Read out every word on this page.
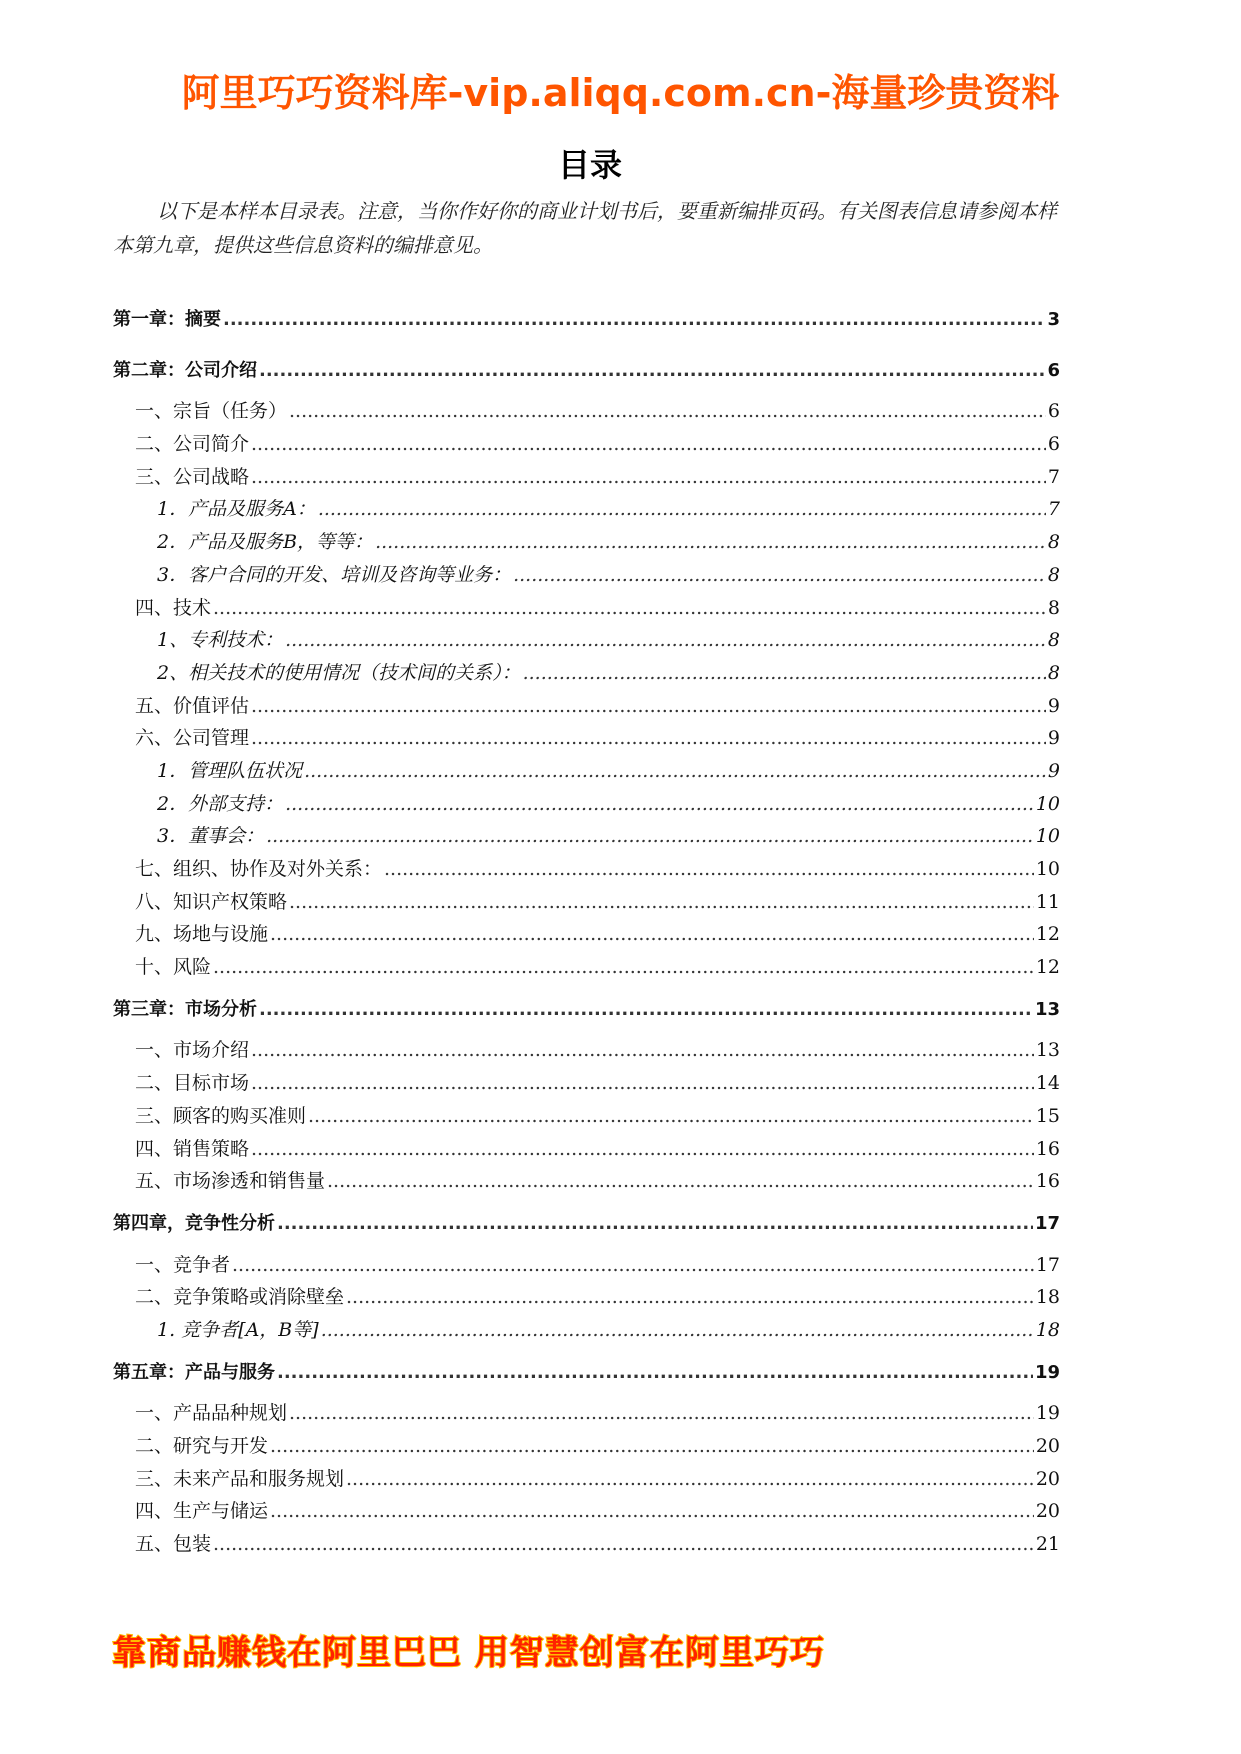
阿里巧巧资料库-vip.aliqq.com.cn-海量珍贵资料
目录
以下是本样本目录表。注意，当你作好你的商业计划书后，要重新编排页码。有关图表信息请参阅本样本第九章，提供这些信息资料的编排意见。
第一章：摘要 .....	3
第二章：公司介绍 .....	6
一、宗旨（任务） .....	6
二、公司简介 .....	6
三、公司战略 .....	7
1．产品及服务A： .....	7
2．产品及服务B，等等： .....	8
3．客户合同的开发、培训及咨询等业务： .....	8
四、技术 .....	8
1、专利技术： .....	8
2、相关技术的使用情况（技术间的关系）： .....	8
五、价值评估 .....	9
六、公司管理 .....	9
1．管理队伍状况 .....	9
2．外部支持： .....	10
3．董事会： .....	10
七、组织、协作及对外关系： .....	10
八、知识产权策略 .....	11
九、场地与设施 .....	12
十、风险 .....	12
第三章：市场分析 .....	13
一、市场介绍 .....	13
二、目标市场 .....	14
三、顾客的购买准则 .....	15
四、销售策略 .....	16
五、市场渗透和销售量 .....	16
第四章，竞争性分析 .....	17
一、竞争者 .....	17
二、竞争策略或消除壁垒 .....	18
1. 竞争者[A，B等] .....	18
第五章：产品与服务 .....	19
一、产品品种规划 .....	19
二、研究与开发 .....	20
三、未来产品和服务规划 .....	20
四、生产与储运 .....	20
五、包装 .....	21
靠商品赚钱在阿里巴巴 用智慧创富在阿里巧巧
